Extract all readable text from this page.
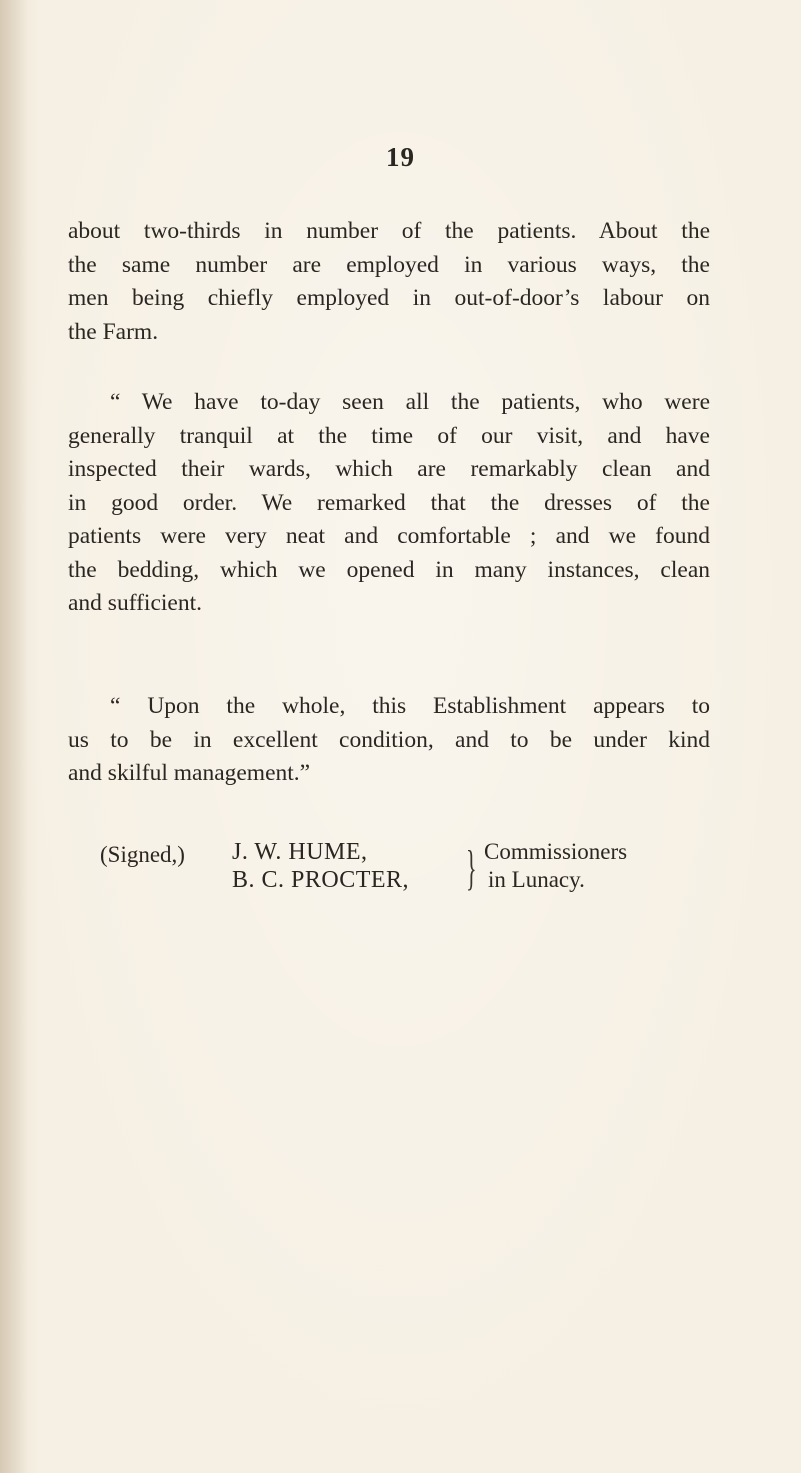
19

about two-thirds in number of the patients. About the
the same number are employed in various ways, the
men being chiefly employed in out-of-door’s labour on
the Farm.

“ We have to-day seen all the patients, who were
generally tranquil at the time of our visit, and have
inspected their wards, which are remarkably clean and
in good order. We remarked that the dresses of the
patients were very neat and comfortable ; and we found
the bedding, which we opened in many instances, clean
and sufficient.

“ Upon the whole, this Establishment appears to
us to be in excellent condition, and to be under kind
and skilful management.”

(Signed,) J. W. HUME,
B. C. PROCTER,	} Commissioners
in Lunacy.
